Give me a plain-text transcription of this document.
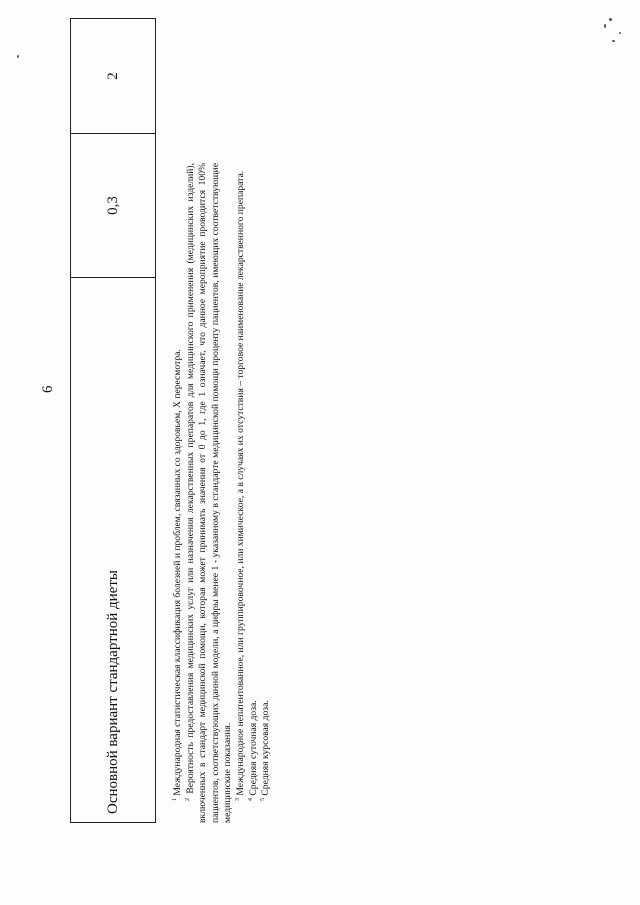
6
Основной вариант стандартной диеты	0,3	2

$^1$ Международная статистическая классификация болезней и проблем, связанных со здоровьем, X пересмотра.

$^2$ Вероятность предоставления медицинских услуг или назначения лекарственных препаратов для медицинского применения (медицинских изделий), включенных в стандарт медицинской помощи, которая может принимать значения от 0 до 1, где 1 означает, что данное мероприятие проводится 100% пациентов, соответствующих данной модели, а цифры менее 1 - указанному в стандарте медицинской помощи проценту пациентов, имеющих соответствующие медицинские показания. $^3$ Международное непатентованное, или группировочное, или химическое, а в случаях их отсутствия – торговое наименование лекарственного препарата.

$^4$ Средняя суточная доза.

$^5$ Средняя курсовая доза.
